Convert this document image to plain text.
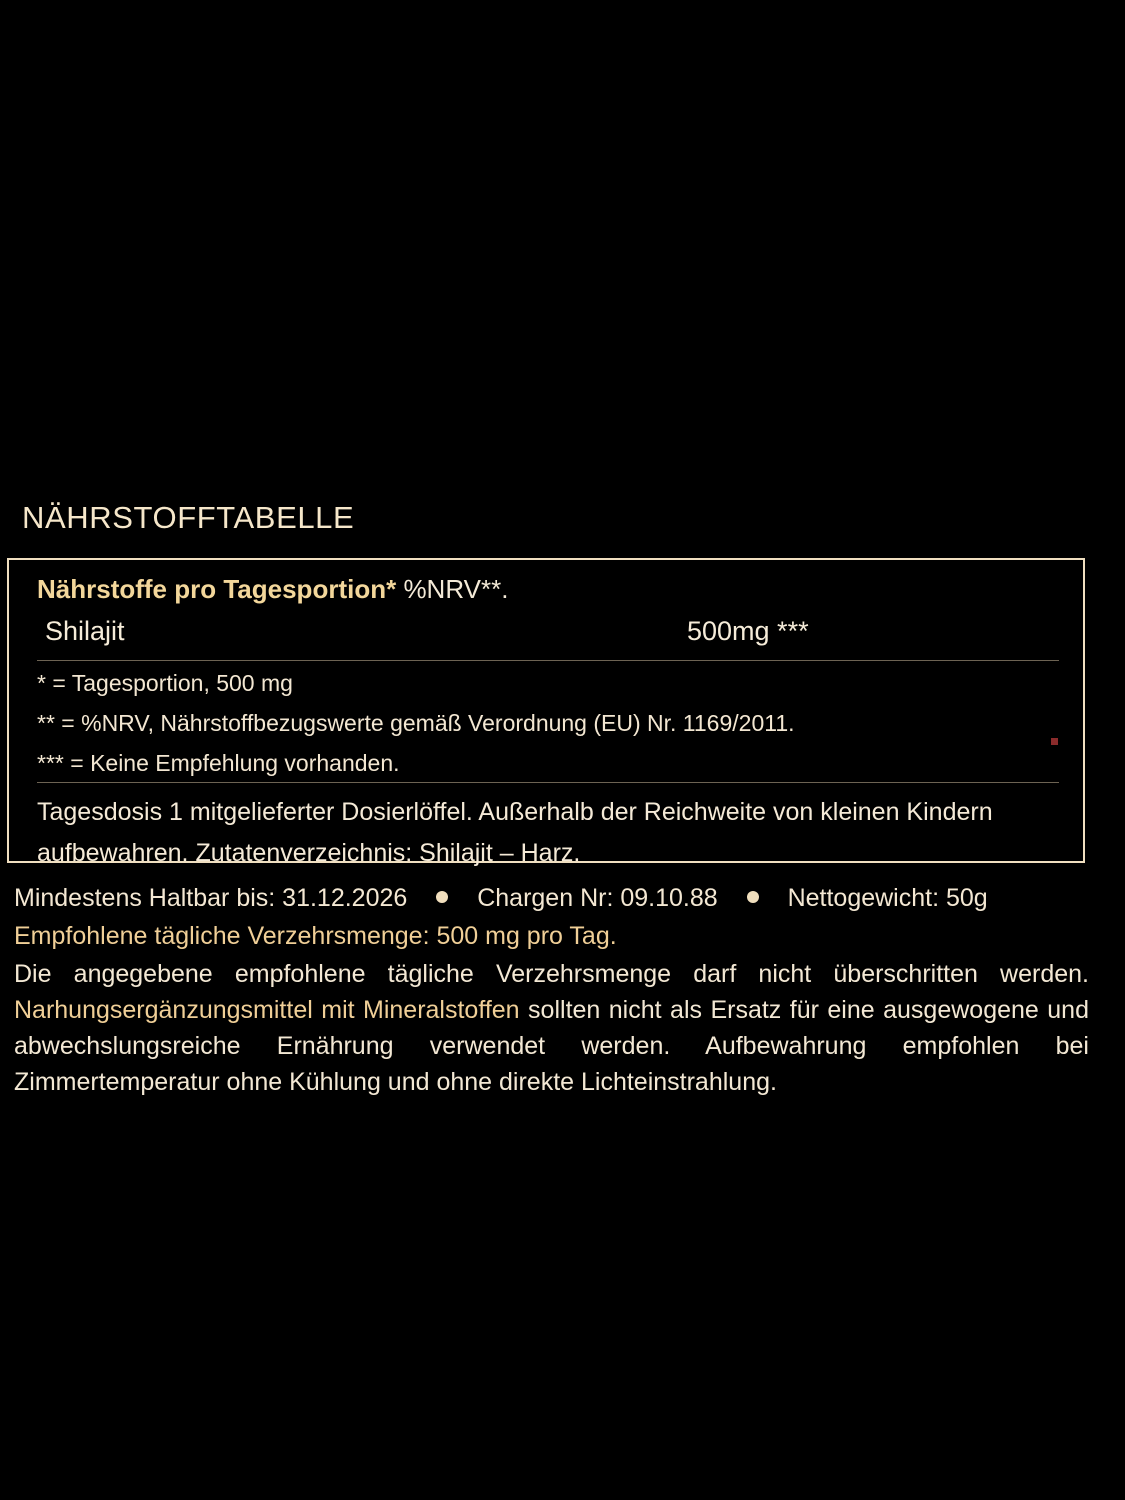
NÄHRSTOFFTABELLE
Nährstoffe pro Tagesportion* %NRV**.
Shilajit	500mg ***
* = Tagesportion, 500 mg
** = %NRV, Nährstoffbezugswerte gemäß Verordnung (EU) Nr. 1169/2011.
*** = Keine Empfehlung vorhanden.
Tagesdosis 1 mitgelieferter Dosierlöffel. Außerhalb der Reichweite von kleinen Kindern aufbewahren. Zutatenverzeichnis: Shilajit – Harz.
Mindestens Haltbar bis: 31.12.2026	Chargen Nr: 09.10.88	Nettogewicht: 50g
Empfohlene tägliche Verzehrsmenge: 500 mg pro Tag.
Die angegebene empfohlene tägliche Verzehrsmenge darf nicht überschritten werden. Narhungsergänzungsmittel mit Mineralstoffen sollten nicht als Ersatz für eine ausgewogene und abwechslungsreiche Ernährung verwendet werden. Aufbewahrung empfohlen bei Zimmertemperatur ohne Kühlung und ohne direkte Lichteinstrahlung.
